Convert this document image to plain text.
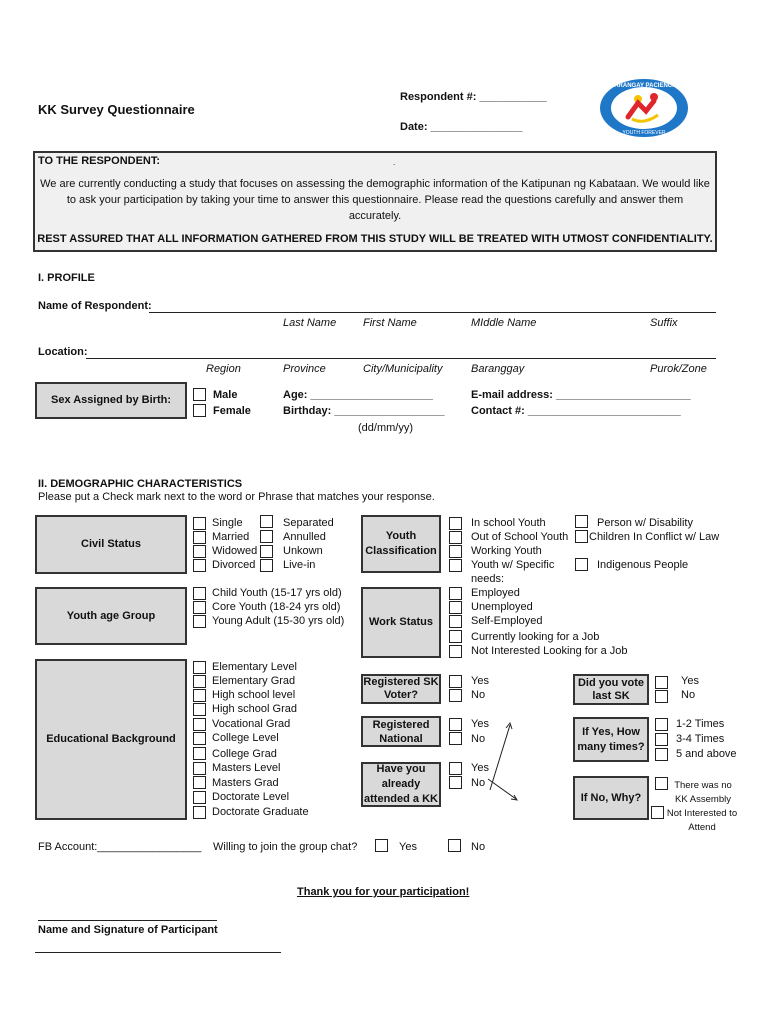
KK Survey Questionnaire
Respondent #: ___________
Date: _______________
BARANGAY PACIENCIA
YOUTH FOREVER
TO THE RESPONDENT:	.
We are currently conducting a study that focuses on assessing the demographic information of the Katipunan ng Kabataan. We would like
to ask your participation by taking your time to answer this questionnaire. Please read the questions carefully and answer them
accurately.
REST ASSURED THAT ALL INFORMATION GATHERED FROM THIS STUDY WILL BE TREATED WITH UTMOST CONFIDENTIALITY.
I. PROFILE
Name of Respondent:
Last Name First Name	MIddle Name	Suffix
Location:
Region	Province	City/Municipality	Baranggay	Purok/Zone
Sex Assigned by Birth:	Male
Female
Age: ____________________
Birthday: __________________
(dd/mm/yy)
E-mail address: ______________________
Contact #: _________________________
II. DEMOGRAPHIC CHARACTERISTICS
Please put a Check mark next to the word or Phrase that matches your response.
Civil Status
Single
Married
Widowed
Divorced
Separated
Annulled
Unkown
Live-in
Youth Classification
In school Youth
Out of School Youth
Working Youth
Youth w/ Specific
needs:
Person w/ Disability
Children In Conflict w/ Law
Indigenous People
Youth age Group
Child Youth (15-17 yrs old)
Core Youth (18-24 yrs old)
Young Adult (15-30 yrs old)	Work Status
Employed
Unemployed
Self-Employed
Currently looking for a Job
Not Interested Looking for a Job
Educational Background
Elementary Level
Elementary Grad
High school level
High school Grad
Vocational Grad
College Level
College Grad
Masters Level
Masters Grad
Doctorate Level
Doctorate Graduate
Registered SK Voter?
Yes
No
Registered National
Yes
No
Have you already attended a KK
Yes
No
Did you vote last SK
Yes
No
If Yes, How many times?
1-2 Times
3-4 Times
5 and above
If No, Why?
There was no KK Assembly
Not Interested to Attend
FB Account:_________________ Willing to join the group chat?	Yes	No
Thank you for your participation!
Name and Signature of Participant
